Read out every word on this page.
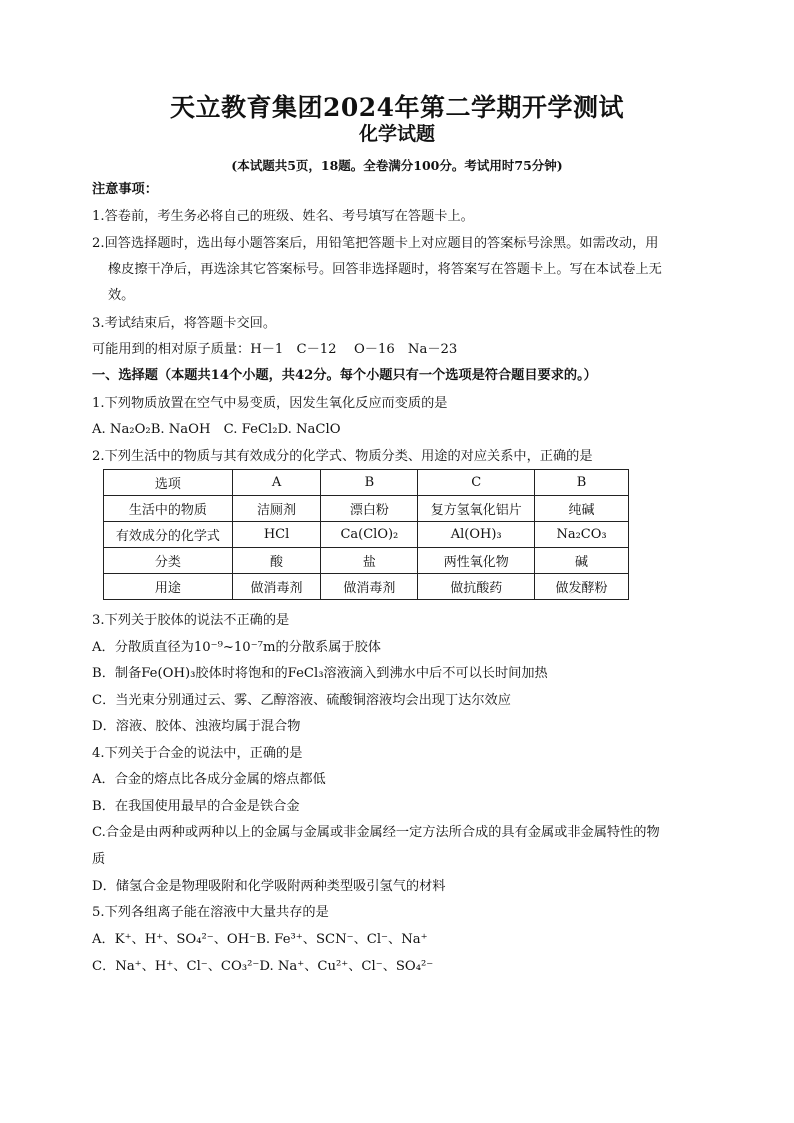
天立教育集团2024年第二学期开学测试
化学试题
(本试题共5页，18题。全卷满分100分。考试用时75分钟)
注意事项：
1.答卷前，考生务必将自己的班级、姓名、考号填写在答题卡上。
2.回答选择题时，选出每小题答案后，用铅笔把答题卡上对应题目的答案标号涂黑。如需改动，用
橡皮擦干净后，再选涂其它答案标号。回答非选择题时，将答案写在答题卡上。写在本试卷上无
效。
3.考试结束后，将答题卡交回。
可能用到的相对原子质量：H－1　C－12　 O－16　Na－23
一、选择题（本题共14个小题，共42分。每个小题只有一个选项是符合题目要求的。）
1.下列物质放置在空气中易变质，因发生氧化反应而变质的是
A. Na₂O₂B. NaOH　C. FeCl₂D. NaClO
2.下列生活中的物质与其有效成分的化学式、物质分类、用途的对应关系中，正确的是
选项	A	B	C	B
生活中的物质	洁厕剂	漂白粉	复方氢氧化铝片	纯碱
有效成分的化学式	HCl	Ca(ClO)₂	Al(OH)₃	Na₂CO₃
分类	酸	盐	两性氧化物	碱
用途	做消毒剂	做消毒剂	做抗酸药	做发酵粉
3.下列关于胶体的说法不正确的是
A．分散质直径为10⁻⁹~10⁻⁷m的分散系属于胶体
B．制备Fe(OH)₃胶体时将饱和的FeCl₃溶液滴入到沸水中后不可以长时间加热
C．当光束分别通过云、雾、乙醇溶液、硫酸铜溶液均会出现丁达尔效应
D．溶液、胶体、浊液均属于混合物
4.下列关于合金的说法中，正确的是
A．合金的熔点比各成分金属的熔点都低
B．在我国使用最早的合金是铁合金
C.合金是由两种或两种以上的金属与金属或非金属经一定方法所合成的具有金属或非金属特性的物
质
D．储氢合金是物理吸附和化学吸附两种类型吸引氢气的材料
5.下列各组离子能在溶液中大量共存的是
A．K⁺、H⁺、SO₄²⁻、OH⁻B. Fe³⁺、SCN⁻、Cl⁻、Na⁺
C．Na⁺、H⁺、Cl⁻、CO₃²⁻D. Na⁺、Cu²⁺、Cl⁻、SO₄²⁻
